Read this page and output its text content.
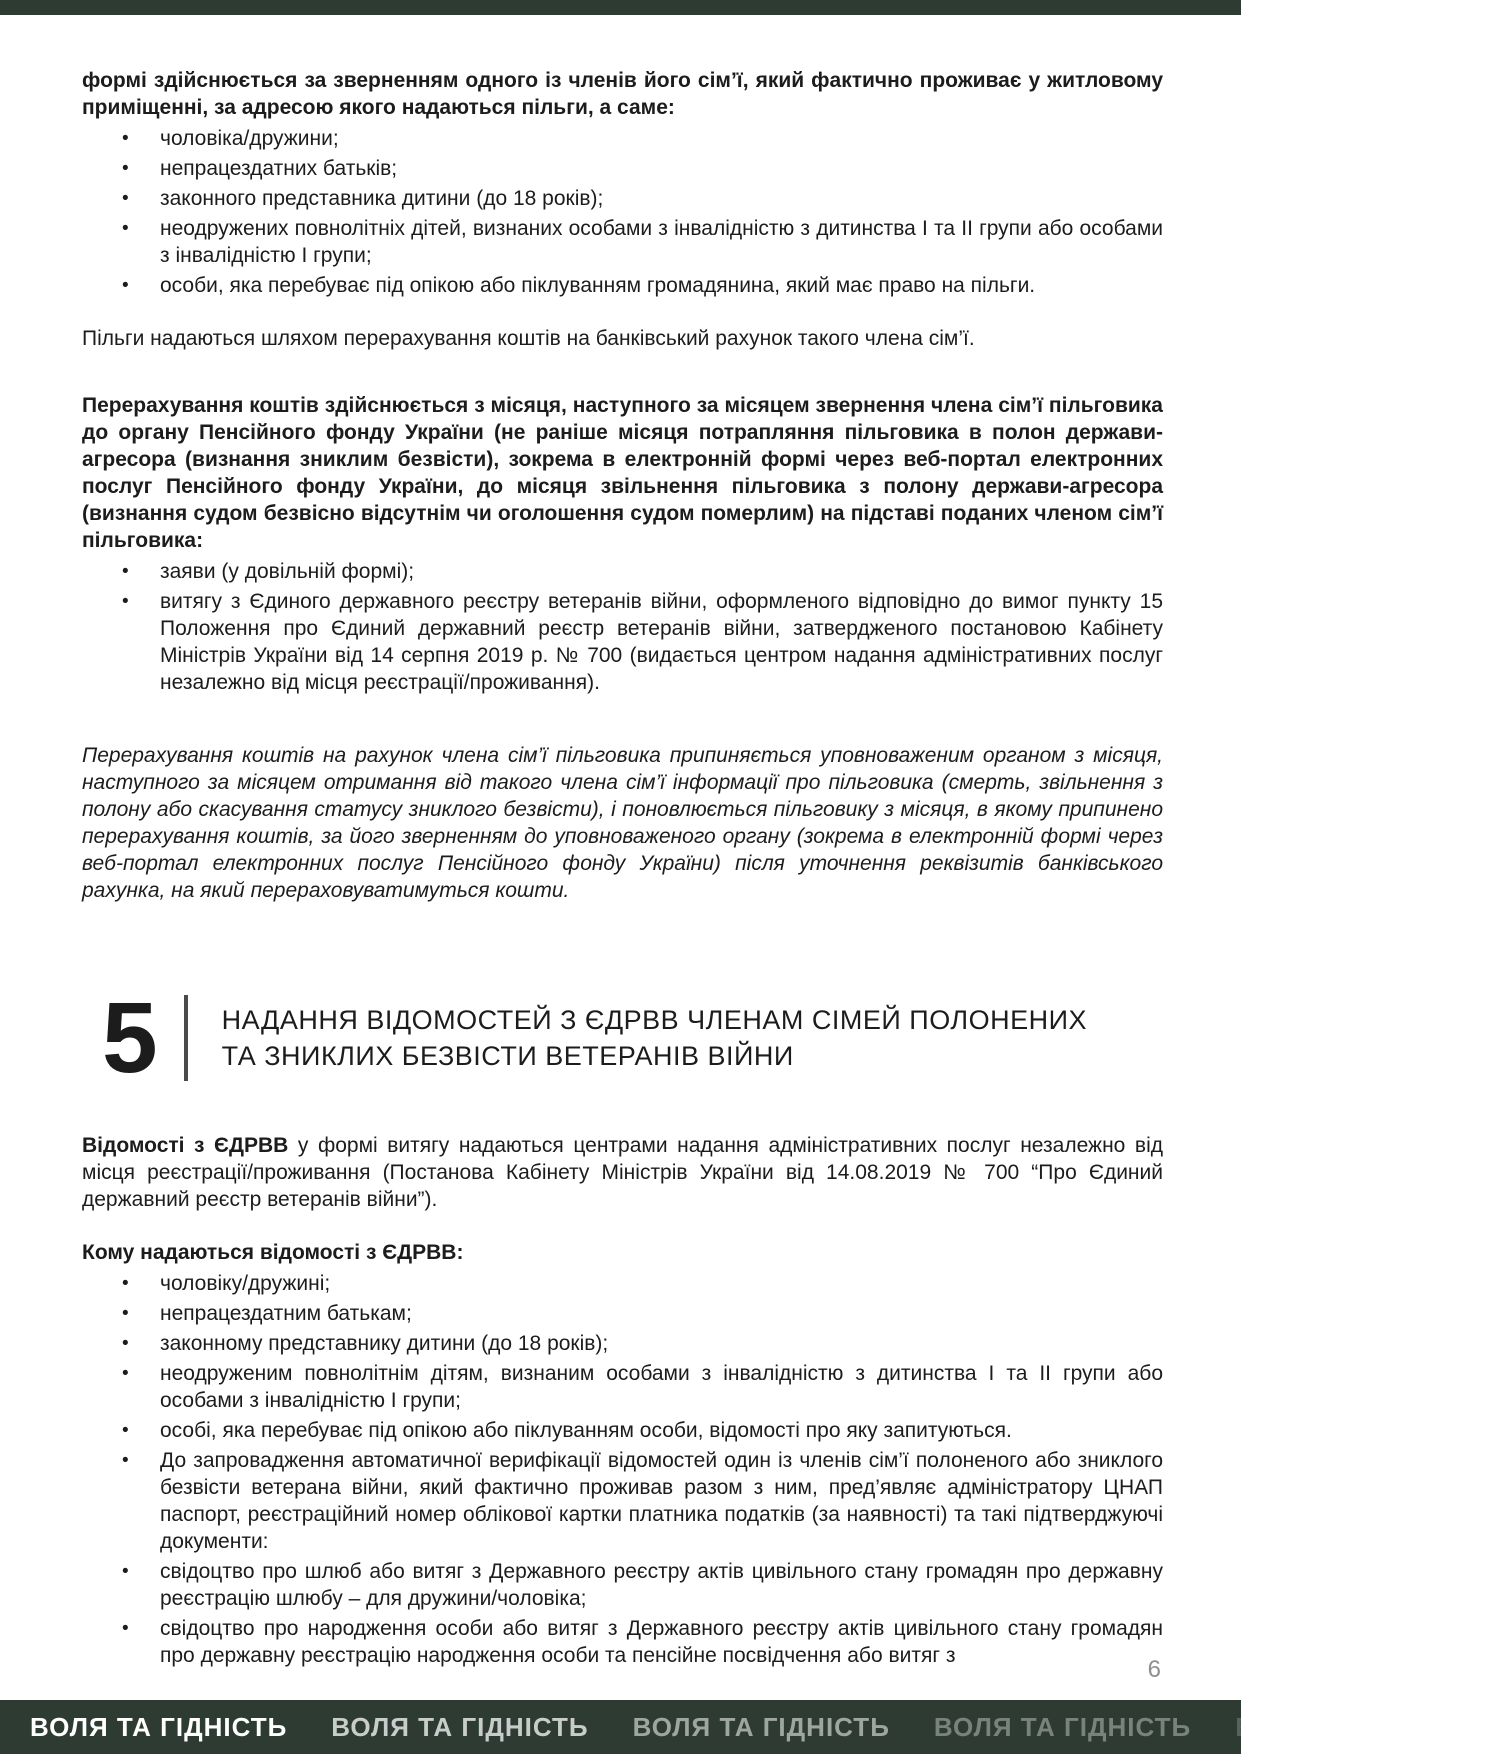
формі здійснюється за зверненням одного із членів його сім’ї, який фактично проживає у житловому приміщенні, за адресою якого надаються пільги, а саме:

• чоловіка/дружини;
• непрацездатних батьків;
• законного представника дитини (до 18 років);
• неодружених повнолітніх дітей, визнаних особами з інвалідністю з дитинства І та ІІ групи або особами з інвалідністю І групи;
• особи, яка перебуває під опікою або піклуванням громадянина, який має право на пільги.

Пільги надаються шляхом перерахування коштів на банківський рахунок такого члена сім’ї.

Перерахування коштів здійснюється з місяця, наступного за місяцем звернення члена сім’ї пільговика до органу Пенсійного фонду України (не раніше місяця потрапляння пільговика в полон держави-агресора (визнання зниклим безвісти), зокрема в електронній формі через веб-портал електронних послуг Пенсійного фонду України, до місяця звільнення пільговика з полону держави-агресора (визнання судом безвісно відсутнім чи оголошення судом померлим) на підставі поданих членом сім’ї пільговика:

• заяви (у довільній формі);
• витягу з Єдиного державного реєстру ветеранів війни, оформленого відповідно до вимог пункту 15 Положення про Єдиний державний реєстр ветеранів війни, затвердженого постановою Кабінету Міністрів України від 14 серпня 2019 р. № 700 (видається центром надання адміністративних послуг незалежно від місця реєстрації/проживання).

Перерахування коштів на рахунок члена сім’ї пільговика припиняється уповноваженим органом з місяця, наступного за місяцем отримання від такого члена сім’ї інформації про пільговика (смерть, звільнення з полону або скасування статусу зниклого безвісти), і поновлюється пільговику з місяця, в якому припинено перерахування коштів, за його зверненням до уповноваженого органу (зокрема в електронній формі через веб-портал електронних послуг Пенсійного фонду України) після уточнення реквізитів банківського рахунка, на який перераховуватимуться кошти.

5 НАДАННЯ ВІДОМОСТЕЙ З ЄДРВВ ЧЛЕНАМ СІМЕЙ ПОЛОНЕНИХ
ТА ЗНИКЛИХ БЕЗВІСТИ ВЕТЕРАНІВ ВІЙНИ

Відомості з ЄДРВВ у формі витягу надаються центрами надання адміністративних послуг незалежно від місця реєстрації/проживання (Постанова Кабінету Міністрів України від 14.08.2019 № 700 “Про Єдиний державний реєстр ветеранів війни”).

Кому надаються відомості з ЄДРВВ:

• чоловіку/дружині;
• непрацездатним батькам;
• законному представнику дитини (до 18 років);
• неодруженим повнолітнім дітям, визнаним особами з інвалідністю з дитинства І та ІІ групи або особами з інвалідністю І групи;
• особі, яка перебуває під опікою або піклуванням особи, відомості про яку запитуються.
• До запровадження автоматичної верифікації відомостей один із членів сім’ї полоненого або зниклого безвісти ветерана війни, який фактично проживав разом з ним, пред’являє адміністратору ЦНАП паспорт, реєстраційний номер облікової картки платника податків (за наявності) та такі підтверджуючі документи:
• свідоцтво про шлюб або витяг з Державного реєстру актів цивільного стану громадян про державну реєстрацію шлюбу – для дружини/чоловіка;
• свідоцтво про народження особи або витяг з Державного реєстру актів цивільного стану громадян про державну реєстрацію народження особи та пенсійне посвідчення або витяг з
6
ВОЛЯ ТА ГІДНІСТЬ ВОЛЯ ТА ГІДНІСТЬ ВОЛЯ ТА ГІДНІСТЬ ВОЛЯ ТА ГІДНІСТЬ ВОЛЯ ТА ГІДНІСТЬ
